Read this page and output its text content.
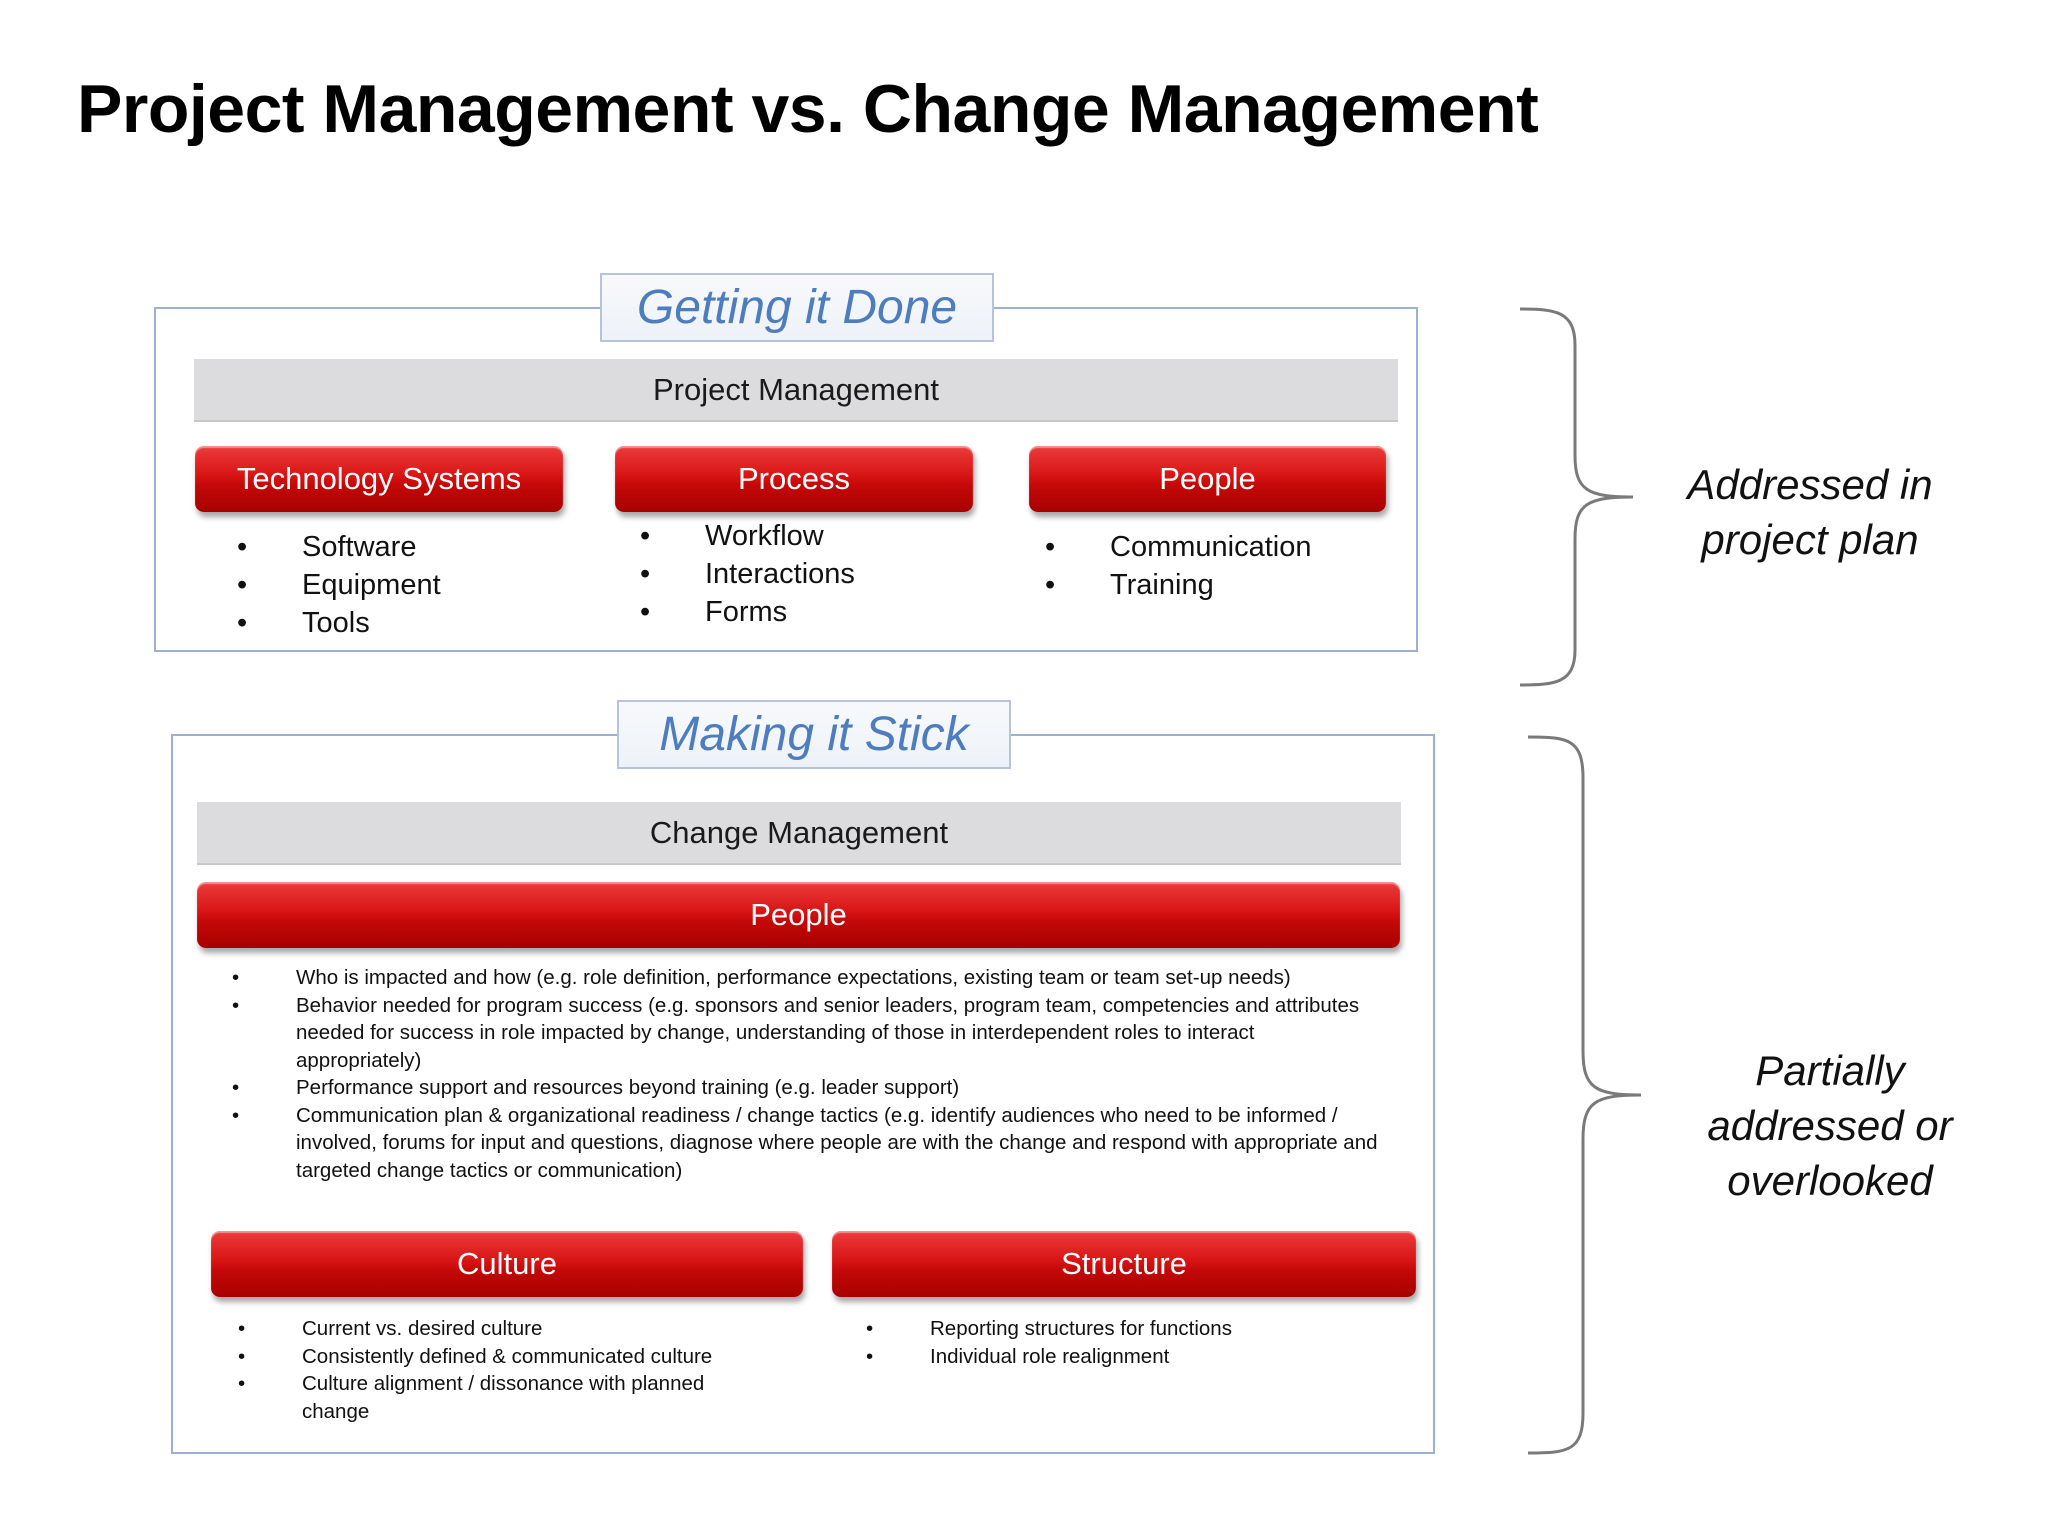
Project Management vs. Change Management
Getting it Done
Project Management
Technology Systems	Process	People
• Software
• Equipment
• Tools
• Workflow
• Interactions
• Forms
• Communication
• Training
Addressed in
project plan
Making it Stick
Change Management
People
• Who is impacted and how (e.g. role definition, performance expectations, existing team or team set-up needs)
• Behavior needed for program success (e.g. sponsors and senior leaders, program team, competencies and attributes needed for success in role impacted by change, understanding of those in interdependent roles to interact appropriately)
• Performance support and resources beyond training (e.g. leader support)
• Communication plan & organizational readiness / change tactics (e.g. identify audiences who need to be informed / involved, forums for input and questions, diagnose where people are with the change and respond with appropriate and targeted change tactics or communication)
Culture	Structure
• Current vs. desired culture
• Consistently defined & communicated culture
• Culture alignment / dissonance with planned change
• Reporting structures for functions
• Individual role realignment
Partially
addressed or
overlooked
